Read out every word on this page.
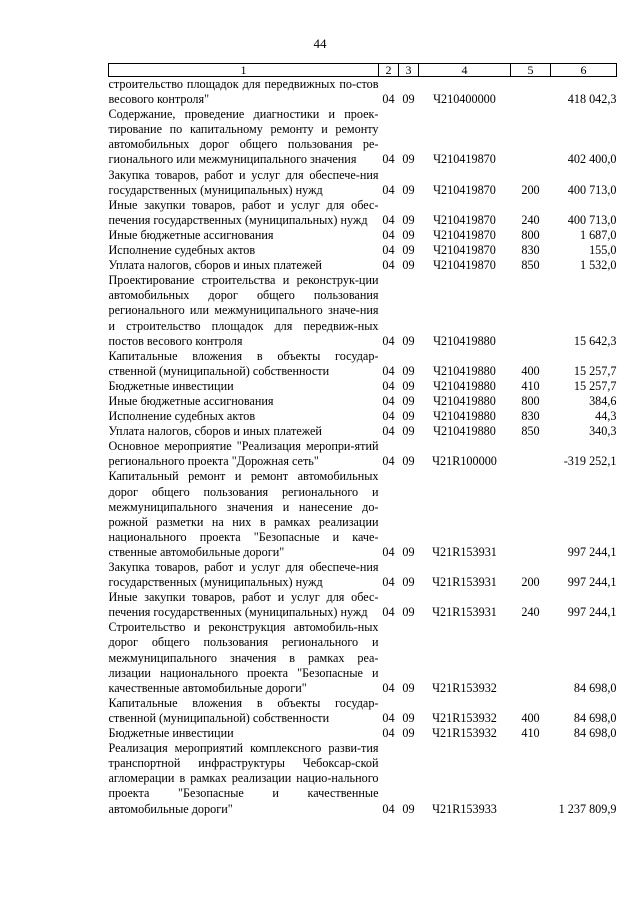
44
1	2	3	4	5	6
строительство площадок для передвижных по-стов весового контроля"	04	09	Ч210400000		418 042,3
Содержание, проведение диагностики и проек-тирование по капитальному ремонту и ремонту автомобильных дорог общего пользования ре-гионального или межмуниципального значения	04	09	Ч210419870		402 400,0
Закупка товаров, работ и услуг для обеспече-ния государственных (муниципальных) нужд	04	09	Ч210419870	200	400 713,0
Иные закупки товаров, работ и услуг для обес-печения государственных (муниципальных) нужд	04	09	Ч210419870	240	400 713,0
Иные бюджетные ассигнования	04	09	Ч210419870	800	1 687,0
Исполнение судебных актов	04	09	Ч210419870	830	155,0
Уплата налогов, сборов и иных платежей	04	09	Ч210419870	850	1 532,0
Проектирование строительства и реконструк-ции автомобильных дорог общего пользования регионального или межмуниципального значе-ния и строительство площадок для передвиж-ных постов весового контроля	04	09	Ч210419880		15 642,3
Капитальные вложения в объекты государ-ственной (муниципальной) собственности	04	09	Ч210419880	400	15 257,7
Бюджетные инвестиции	04	09	Ч210419880	410	15 257,7
Иные бюджетные ассигнования	04	09	Ч210419880	800	384,6
Исполнение судебных актов	04	09	Ч210419880	830	44,3
Уплата налогов, сборов и иных платежей	04	09	Ч210419880	850	340,3
Основное мероприятие "Реализация меропри-ятий регионального проекта "Дорожная сеть"	04	09	Ч21R100000		-319 252,1
Капитальный ремонт и ремонт автомобильных дорог общего пользования регионального и межмуниципального значения и нанесение до-рожной разметки на них в рамках реализации национального проекта "Безопасные и каче-ственные автомобильные дороги"	04	09	Ч21R153931		997 244,1
Закупка товаров, работ и услуг для обеспече-ния государственных (муниципальных) нужд	04	09	Ч21R153931	200	997 244,1
Иные закупки товаров, работ и услуг для обес-печения государственных (муниципальных) нужд	04	09	Ч21R153931	240	997 244,1
Строительство и реконструкция автомобиль-ных дорог общего пользования регионального и межмуниципального значения в рамках реа-лизации национального проекта "Безопасные и качественные автомобильные дороги"	04	09	Ч21R153932		84 698,0
Капитальные вложения в объекты государ-ственной (муниципальной) собственности	04	09	Ч21R153932	400	84 698,0
Бюджетные инвестиции	04	09	Ч21R153932	410	84 698,0
Реализация мероприятий комплексного разви-тия транспортной инфраструктуры Чебоксар-ской агломерации в рамках реализации нацио-нального проекта "Безопасные и качественные автомобильные дороги"	04	09	Ч21R153933		1 237 809,9
